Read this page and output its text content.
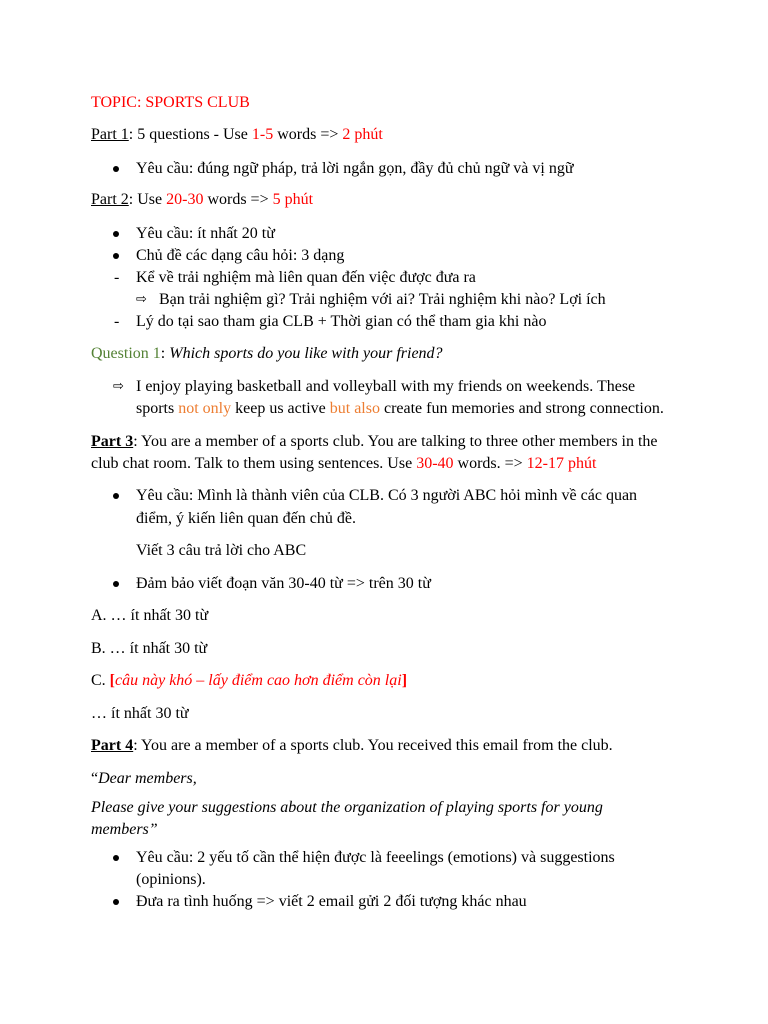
TOPIC: SPORTS CLUB
Part 1: 5 questions - Use 1-5 words => 2 phút
Yêu cầu: đúng ngữ pháp, trả lời ngắn gọn, đầy đủ chủ ngữ và vị ngữ
Part 2: Use 20-30 words => 5 phút
Yêu cầu: ít nhất 20 từ
Chủ đề các dạng câu hỏi: 3 dạng
- Kể về trải nghiệm mà liên quan đến việc được đưa ra
⇨ Bạn trải nghiệm gì? Trải nghiệm với ai? Trải nghiệm khi nào? Lợi ích
- Lý do tại sao tham gia CLB + Thời gian có thể tham gia khi nào
Question 1: Which sports do you like with your friend?
⇨ I enjoy playing basketball and volleyball with my friends on weekends. These
sports not only keep us active but also create fun memories and strong connection.
Part 3: You are a member of a sports club. You are talking to three other members in the
club chat room. Talk to them using sentences. Use 30-40 words. => 12-17 phút
Yêu cầu: Mình là thành viên của CLB. Có 3 người ABC hỏi mình về các quan
điểm, ý kiến liên quan đến chủ đề.
Viết 3 câu trả lời cho ABC
Đảm bảo viết đoạn văn 30-40 từ => trên 30 từ
A. … ít nhất 30 từ
B. … ít nhất 30 từ
C. [câu này khó – lấy điểm cao hơn điểm còn lại]
… ít nhất 30 từ
Part 4: You are a member of a sports club. You received this email from the club.
“Dear members,
Please give your suggestions about the organization of playing sports for young
members”
Yêu cầu: 2 yếu tố cần thể hiện được là feeelings (emotions) và suggestions
(opinions).
Đưa ra tình huống => viết 2 email gửi 2 đối tượng khác nhau
